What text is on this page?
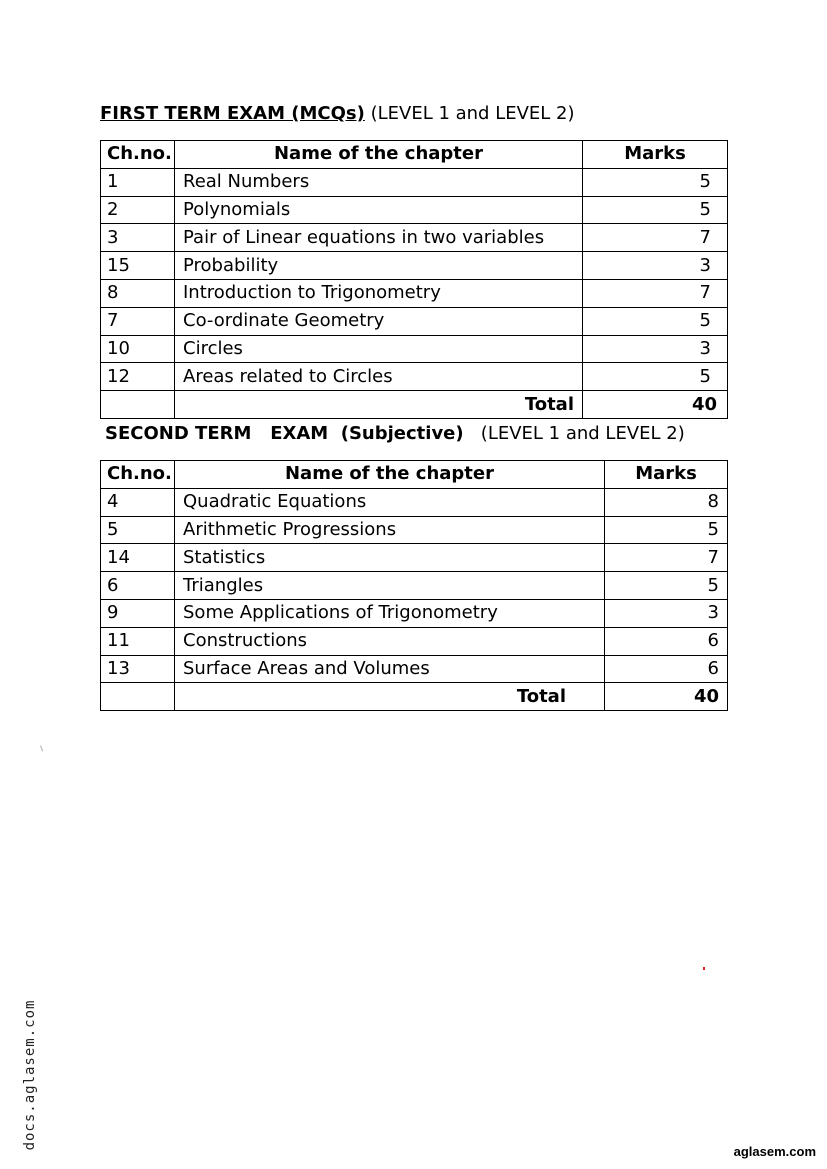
FIRST TERM EXAM (MCQs) (LEVEL 1 and LEVEL 2)
Ch.no.	Name of the chapter	Marks
1	Real Numbers	5
2	Polynomials	5
3	Pair of Linear equations in two variables	7
15	Probability	3
8	Introduction to Trigonometry	7
7	Co-ordinate Geometry	5
10	Circles	3
12	Areas related to Circles	5
	Total	40
SECOND TERM   EXAM  (Subjective)   (LEVEL 1 and LEVEL 2)
Ch.no.	Name of the chapter	Marks
4	Quadratic Equations	8
5	Arithmetic Progressions	5
14	Statistics	7
6	Triangles	5
9	Some Applications of Trigonometry	3
11	Constructions	6
13	Surface Areas and Volumes	6
	Total	40
docs.aglasem.com
aglasem.com
